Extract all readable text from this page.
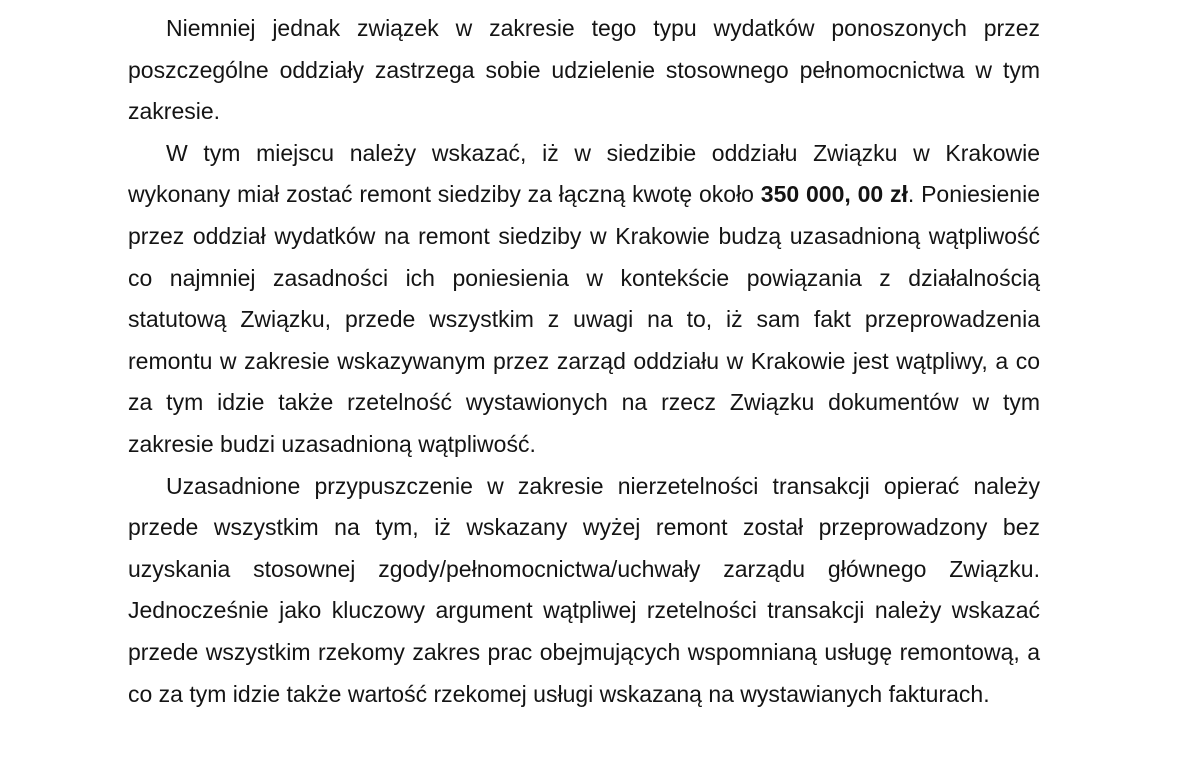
Niemniej jednak związek w zakresie tego typu wydatków ponoszonych przez poszczególne oddziały zastrzega sobie udzielenie stosownego pełnomocnictwa w tym zakresie.

W tym miejscu należy wskazać, iż w siedzibie oddziału Związku w Krakowie wykonany miał zostać remont siedziby za łączną kwotę około 350 000, 00 zł. Poniesienie przez oddział wydatków na remont siedziby w Krakowie budzą uzasadnioną wątpliwość co najmniej zasadności ich poniesienia w kontekście powiązania z działalnością statutową Związku, przede wszystkim z uwagi na to, iż sam fakt przeprowadzenia remontu w zakresie wskazywanym przez zarząd oddziału w Krakowie jest wątpliwy, a co za tym idzie także rzetelność wystawionych na rzecz Związku dokumentów w tym zakresie budzi uzasadnioną wątpliwość.

Uzasadnione przypuszczenie w zakresie nierzetelności transakcji opierać należy przede wszystkim na tym, iż wskazany wyżej remont został przeprowadzony bez uzyskania stosownej zgody/pełnomocnictwa/uchwały zarządu głównego Związku. Jednocześnie jako kluczowy argument wątpliwej rzetelności transakcji należy wskazać przede wszystkim rzekomy zakres prac obejmujących wspomnianą usługę remontową, a co za tym idzie także wartość rzekomej usługi wskazaną na wystawianych fakturach.
